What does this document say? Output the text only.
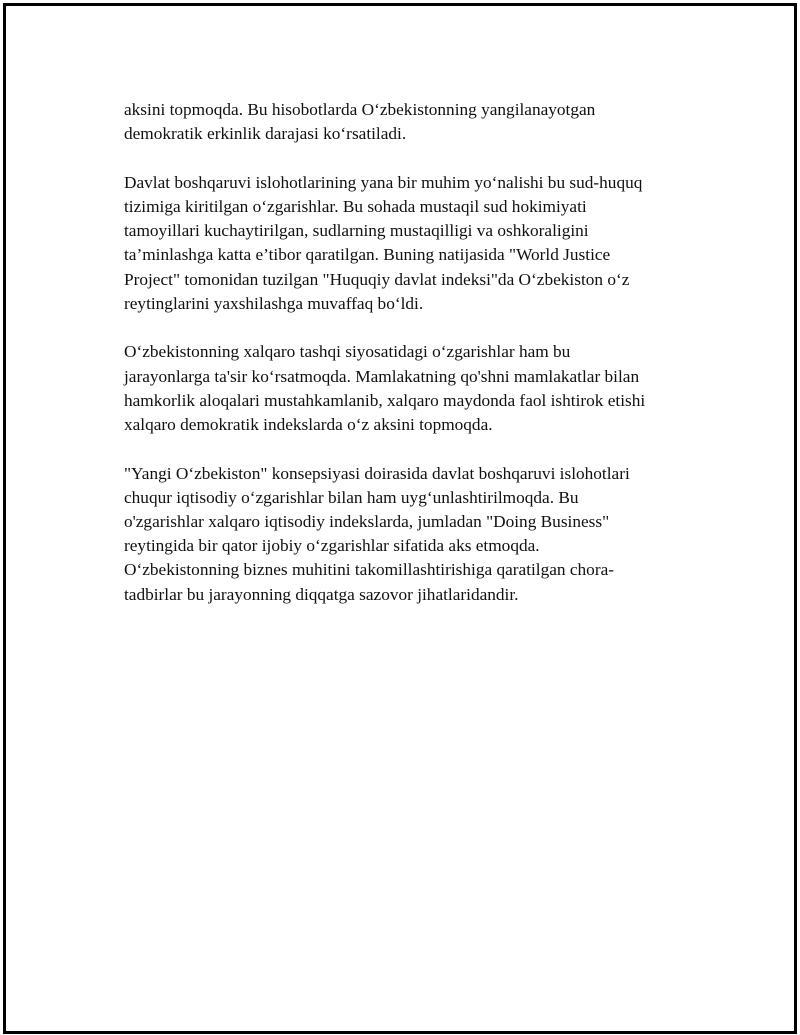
aksini topmoqda. Bu hisobotlarda O‘zbekistonning yangilanayotgan
demokratik erkinlik darajasi ko‘rsatiladi.

Davlat boshqaruvi islohotlarining yana bir muhim yo‘nalishi bu sud-huquq
tizimiga kiritilgan o‘zgarishlar. Bu sohada mustaqil sud hokimiyati
tamoyillari kuchaytirilgan, sudlarning mustaqilligi va oshkoraligini
ta’minlashga katta e’tibor qaratilgan. Buning natijasida "World Justice
Project" tomonidan tuzilgan "Huquqiy davlat indeksi"da O‘zbekiston o‘z
reytinglarini yaxshilashga muvaffaq bo‘ldi.

O‘zbekistonning xalqaro tashqi siyosatidagi o‘zgarishlar ham bu
jarayonlarga ta'sir ko‘rsatmoqda. Mamlakatning qo'shni mamlakatlar bilan
hamkorlik aloqalari mustahkamlanib, xalqaro maydonda faol ishtirok etishi
xalqaro demokratik indekslarda o‘z aksini topmoqda.

"Yangi O‘zbekiston" konsepsiyasi doirasida davlat boshqaruvi islohotlari
chuqur iqtisodiy o‘zgarishlar bilan ham uyg‘unlashtirilmoqda. Bu
o'zgarishlar xalqaro iqtisodiy indekslarda, jumladan "Doing Business"
reytingida bir qator ijobiy o‘zgarishlar sifatida aks etmoqda.
O‘zbekistonning biznes muhitini takomillashtirishiga qaratilgan chora-
tadbirlar bu jarayonning diqqatga sazovor jihatlaridandir.
